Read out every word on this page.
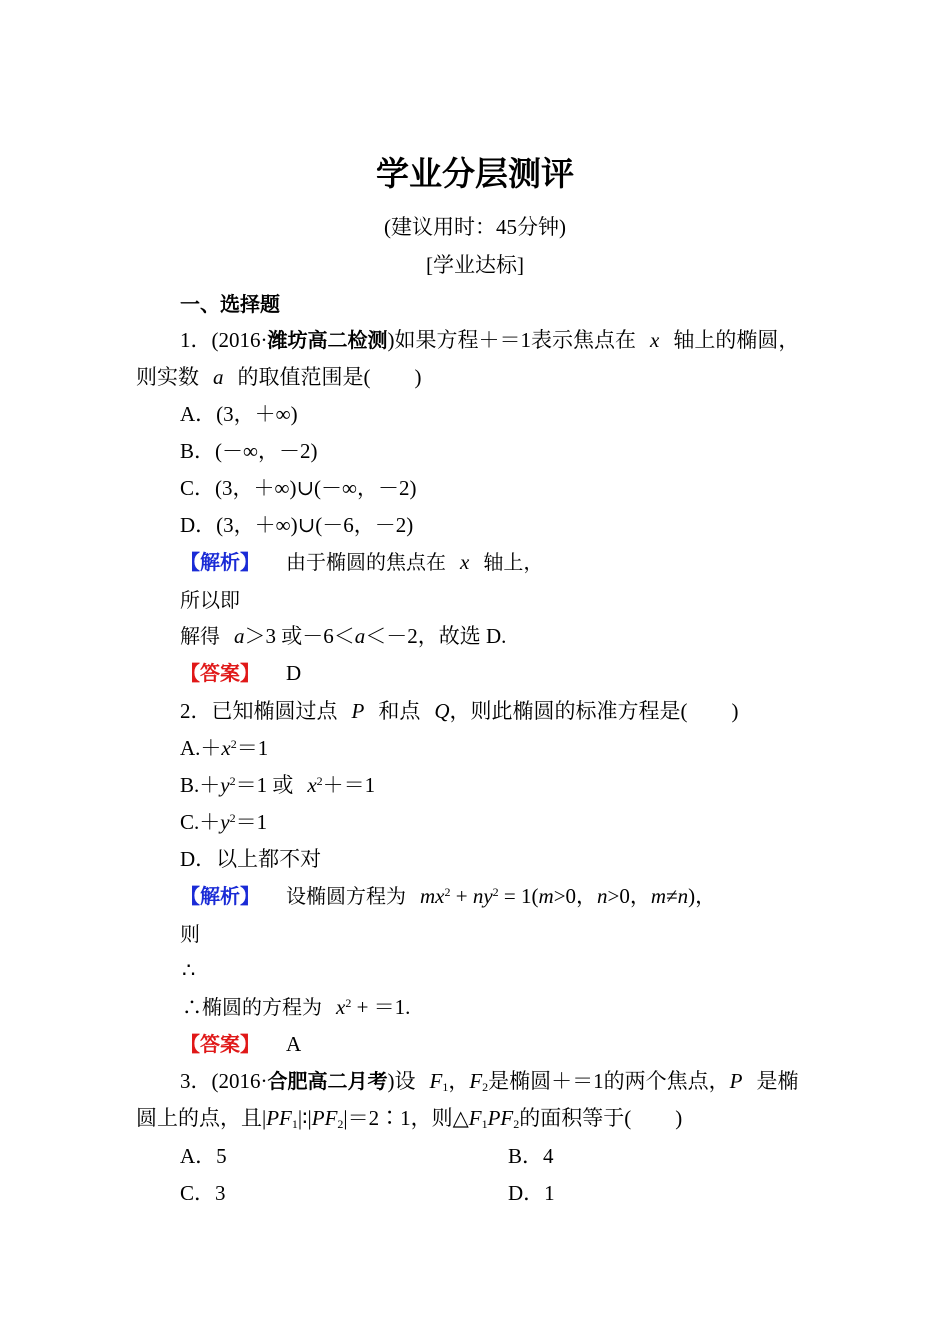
学业分层测评
(建议用时：45分钟)
[学业达标]
一、选择题
1．(2016·潍坊高二检测)如果方程＋＝1表示焦点在 x 轴上的椭圆，
则实数 a 的取值范围是( )
A．(3，＋∞)
B．(－∞，－2)
C．(3，＋∞)∪(－∞，－2)
D．(3，＋∞)∪(－6，－2)
【解析】 由于椭圆的焦点在 x 轴上，
所以即
解得 a＞3 或－6＜a＜－2，故选 D.
【答案】 D
2．已知椭圆过点 P 和点 Q，则此椭圆的标准方程是( )
$A.+x^2=1$
$B.+y^2=1$ 或 $x^2+=1$
$C.+y^2=1$
D．以上都不对
【解析】 设椭圆方程为 $mx^2 + ny^2 = 1(m>0$，n>0，m≠n)，
则
∴
∴椭圆的方程为 $x^2 + =1$.
【答案】 A
3．(2016·合肥高二月考)设 $F_1$，$F_2$是椭圆＋＝1的两个焦点，P 是椭
圆上的点，且$|PF_1|∶|PF_2|=2∶1$，则$\triangle F_1PF_2$的面积等于( )
A．5	B．4
C．3	D．1
